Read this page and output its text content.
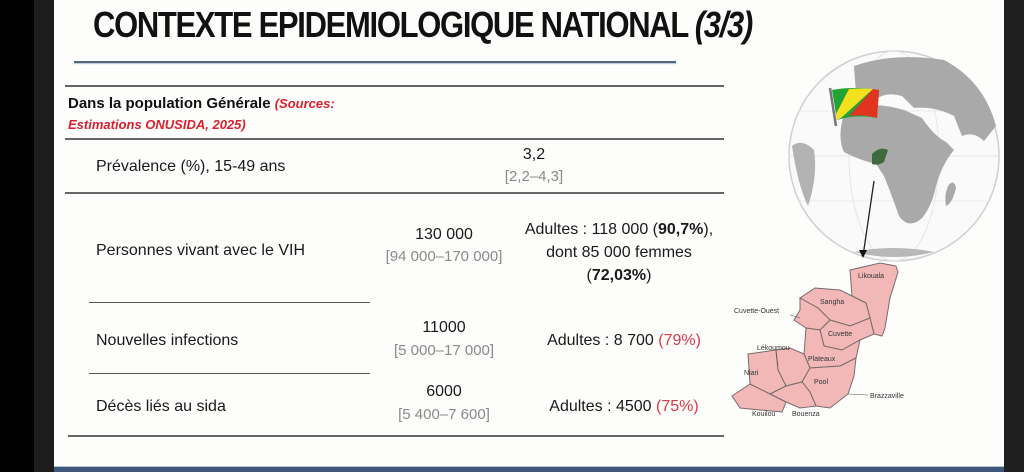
CONTEXTE EPIDEMIOLOGIQUE NATIONAL (3/3)
Dans la population Générale (Sources:
Estimations ONUSIDA, 2025)
Prévalence (%), 15-49 ans
3,2
[2,2–4,3]
Personnes vivant avec le VIH
130 000
[94 000–170 000]
Adultes : 118 000 (90,7%),
dont 85 000 femmes
(72,03%)
Nouvelles infections
11000
[5 000–17 000]
Adultes : 8 700 (79%)
Décès liés au sida
6000
[5 400–7 600]	Adultes : 4500 (75%)
Likouala
Sangha
Cuvette-Ouest
Cuvette
Lékoumou
Plateaux
Niari
Pool
Brazzaville
Kouilou Bouenza
